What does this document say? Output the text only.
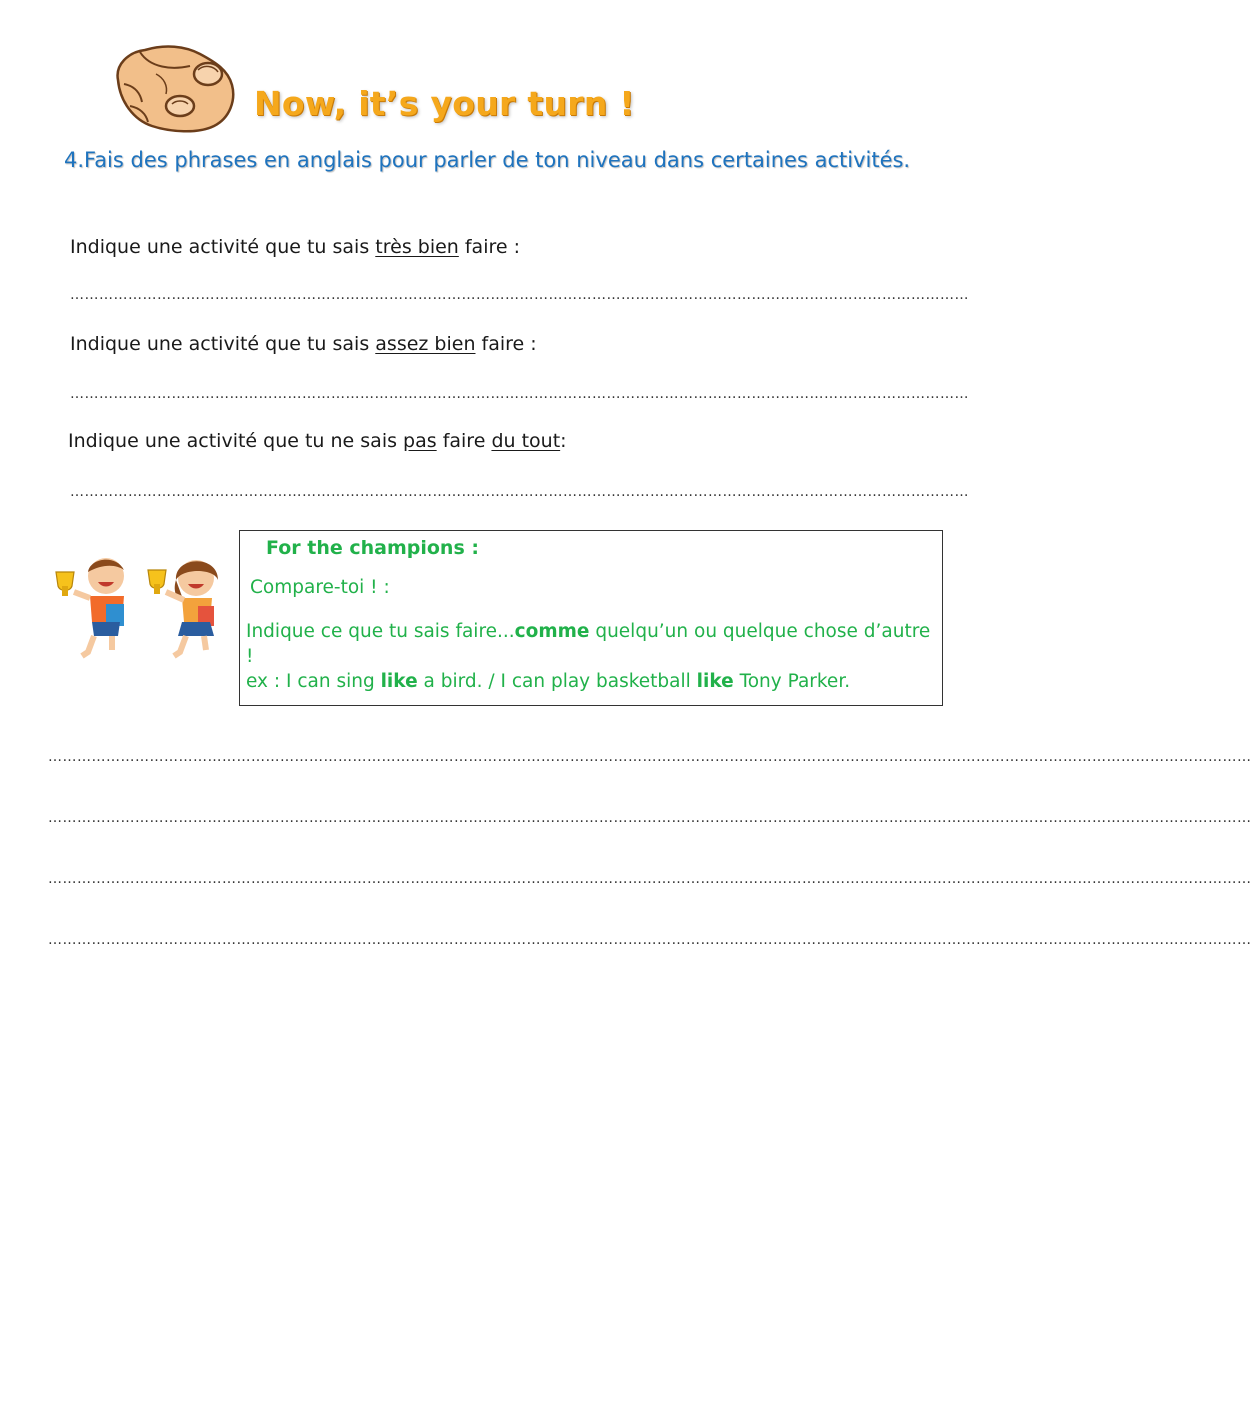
Now, it’s your turn !
4.Fais des phrases en anglais pour parler de ton niveau dans certaines activités.
Indique une activité que tu sais très bien faire :
……………………………………………………………………………………………………………………………………………………………………
Indique une activité que tu sais assez bien faire :
……………………………………………………………………………………………………………………………………………………………………
Indique une activité que tu ne sais pas faire du tout:
……………………………………………………………………………………………………………………………………………………………………
For the champions :
Compare-toi ! :
Indique ce que tu sais faire...comme quelqu’un ou quelque chose d’autre !
ex : I can sing like a bird. / I can play basketball like Tony Parker.
……………………………………………………………………………………………………………………………………………………………………………………………………………………………
……………………………………………………………………………………………………………………………………………………………………………………………………………………………
……………………………………………………………………………………………………………………………………………………………………………………………………………………………
……………………………………………………………………………………………………………………………………………………………………………………………………………………………
